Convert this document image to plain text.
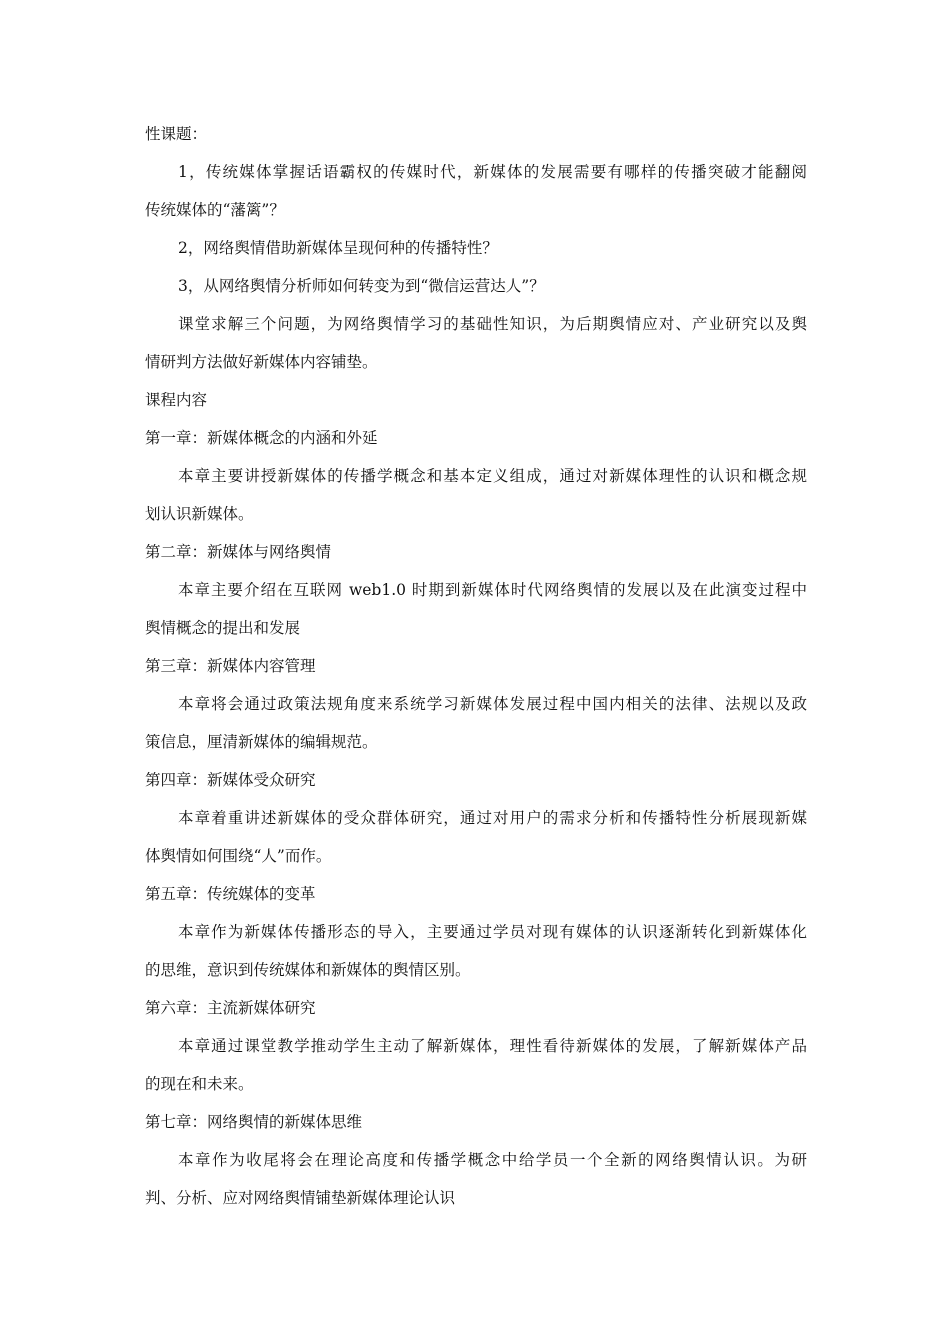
性课题：
1，传统媒体掌握话语霸权的传媒时代，新媒体的发展需要有哪样的传播突破才能翻阅
传统媒体的“藩篱”？
2，网络舆情借助新媒体呈现何种的传播特性？
3，从网络舆情分析师如何转变为到“微信运营达人”？
课堂求解三个问题，为网络舆情学习的基础性知识，为后期舆情应对、产业研究以及舆
情研判方法做好新媒体内容铺垫。
课程内容
第一章：新媒体概念的内涵和外延
本章主要讲授新媒体的传播学概念和基本定义组成，通过对新媒体理性的认识和概念规
划认识新媒体。
第二章：新媒体与网络舆情
本章主要介绍在互联网 web1.0 时期到新媒体时代网络舆情的发展以及在此演变过程中
舆情概念的提出和发展
第三章：新媒体内容管理
本章将会通过政策法规角度来系统学习新媒体发展过程中国内相关的法律、法规以及政
策信息，厘清新媒体的编辑规范。
第四章：新媒体受众研究
本章着重讲述新媒体的受众群体研究，通过对用户的需求分析和传播特性分析展现新媒
体舆情如何围绕“人”而作。
第五章：传统媒体的变革
本章作为新媒体传播形态的导入，主要通过学员对现有媒体的认识逐渐转化到新媒体化
的思维，意识到传统媒体和新媒体的舆情区别。
第六章：主流新媒体研究
本章通过课堂教学推动学生主动了解新媒体，理性看待新媒体的发展，了解新媒体产品
的现在和未来。
第七章：网络舆情的新媒体思维
本章作为收尾将会在理论高度和传播学概念中给学员一个全新的网络舆情认识。为研
判、分析、应对网络舆情铺垫新媒体理论认识
